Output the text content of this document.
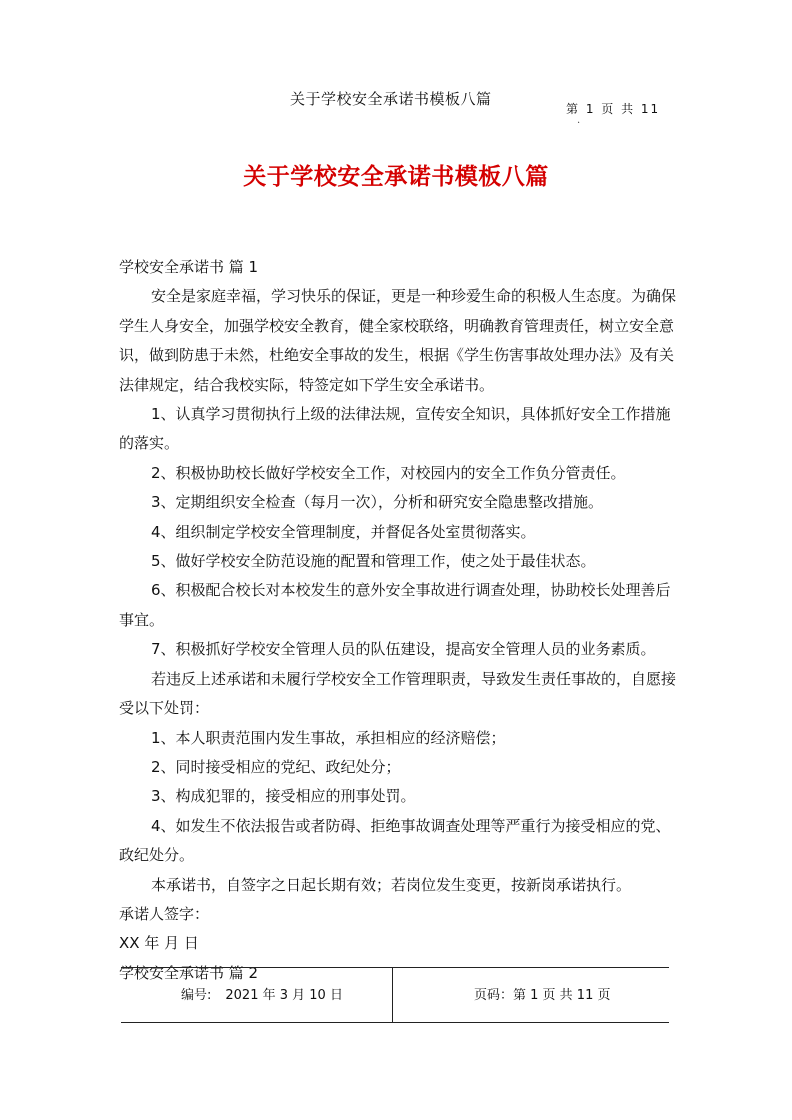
关于学校安全承诺书模板八篇
第 1 页 共 11
.
关于学校安全承诺书模板八篇

学校安全承诺书 篇 1

安全是家庭幸福，学习快乐的保证，更是一种珍爱生命的积极人生态度。为确保学生人身安全，加强学校安全教育，健全家校联络，明确教育管理责任，树立安全意识，做到防患于未然，杜绝安全事故的发生，根据《学生伤害事故处理办法》及有关法律规定，结合我校实际，特签定如下学生安全承诺书。

1、认真学习贯彻执行上级的法律法规，宣传安全知识，具体抓好安全工作措施的落实。

2、积极协助校长做好学校安全工作，对校园内的安全工作负分管责任。

3、定期组织安全检查（每月一次），分析和研究安全隐患整改措施。

4、组织制定学校安全管理制度，并督促各处室贯彻落实。

5、做好学校安全防范设施的配置和管理工作，使之处于最佳状态。

6、积极配合校长对本校发生的意外安全事故进行调查处理，协助校长处理善后事宜。

7、积极抓好学校安全管理人员的队伍建设，提高安全管理人员的业务素质。

若违反上述承诺和未履行学校安全工作管理职责，导致发生责任事故的，自愿接受以下处罚：

1、本人职责范围内发生事故，承担相应的经济赔偿；

2、同时接受相应的党纪、政纪处分；

3、构成犯罪的，接受相应的刑事处罚。

4、如发生不依法报告或者防碍、拒绝事故调查处理等严重行为接受相应的党、政纪处分。

本承诺书，自签字之日起长期有效；若岗位发生变更，按新岗承诺执行。

承诺人签字：

XX 年 月 日

学校安全承诺书 篇 2

编号: 2021 年 3 月 10 日	页码：第 1 页 共 11 页
